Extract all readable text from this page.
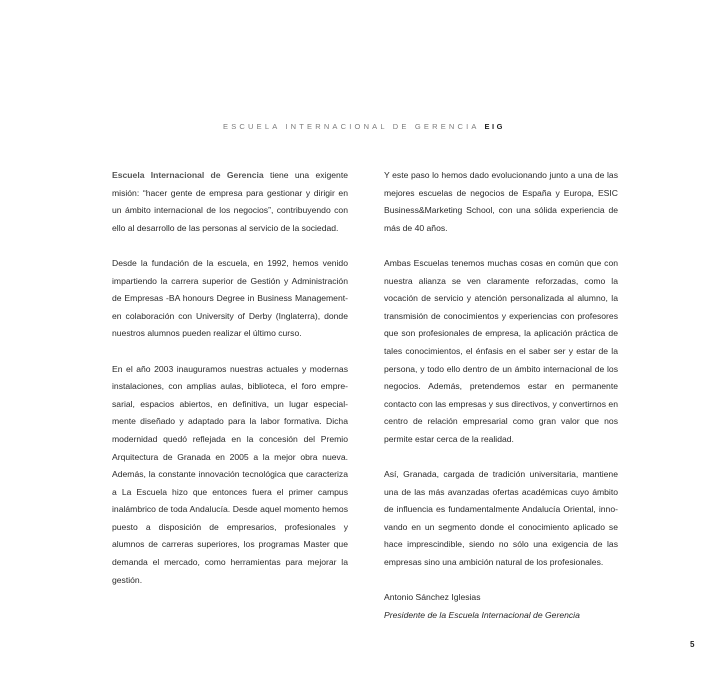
ESCUELA INTERNACIONAL DE GERENCIA EIG

Escuela Internacional de Gerencia tiene una exigente misión: “hacer gente de empresa para gestionar y dirigir en un ámbito internacional de los negocios”, contribuyendo con ello al desarrollo de las personas al servicio de la sociedad.

Desde la fundación de la escuela, en 1992, hemos venido impartiendo la carrera superior de Gestión y Administración de Empresas -BA honours Degree in Business Management- en colaboración con University of Derby (Inglaterra), donde nuestros alumnos pueden realizar el último curso.

En el año 2003 inauguramos nuestras actuales y modernas instalaciones, con amplias aulas, biblioteca, el foro empresarial, espacios abiertos, en definitiva, un lugar especialmente diseñado y adaptado para la labor formativa. Dicha modernidad quedó reflejada en la concesión del Premio Arquitectura de Granada en 2005 a la mejor obra nueva. Además, la constante innovación tecnológica que caracteriza a La Escuela hizo que entonces fuera el primer campus inalámbrico de toda Andalucía. Desde aquel momento hemos puesto a disposición de empresarios, profesionales y alumnos de carreras superiores, los programas Master que demanda el mercado, como herramientas para mejorar la gestión.

Y este paso lo hemos dado evolucionando junto a una de las mejores escuelas de negocios de España y Europa, ESIC Business&Marketing School, con una sólida experiencia de más de 40 años.

Ambas Escuelas tenemos muchas cosas en común que con nuestra alianza se ven claramente reforzadas, como la vocación de servicio y atención personalizada al alumno, la transmisión de conocimientos y experiencias con profesores que son profesionales de empresa, la aplicación práctica de tales conocimientos, el énfasis en el saber ser y estar de la persona, y todo ello dentro de un ámbito internacional de los negocios. Además, pretendemos estar en permanente contacto con las empresas y sus directivos, y convertirnos en centro de relación empresarial como gran valor que nos permite estar cerca de la realidad.

Así, Granada, cargada de tradición universitaria, mantiene una de las más avanzadas ofertas académicas cuyo ámbito de influencia es fundamentalmente Andalucía Oriental, innovando en un segmento donde el conocimiento aplicado se hace imprescindible, siendo no sólo una exigencia de las empresas sino una ambición natural de los profesionales.

Antonio Sánchez Iglesias

Presidente de la Escuela Internacional de Gerencia

5
